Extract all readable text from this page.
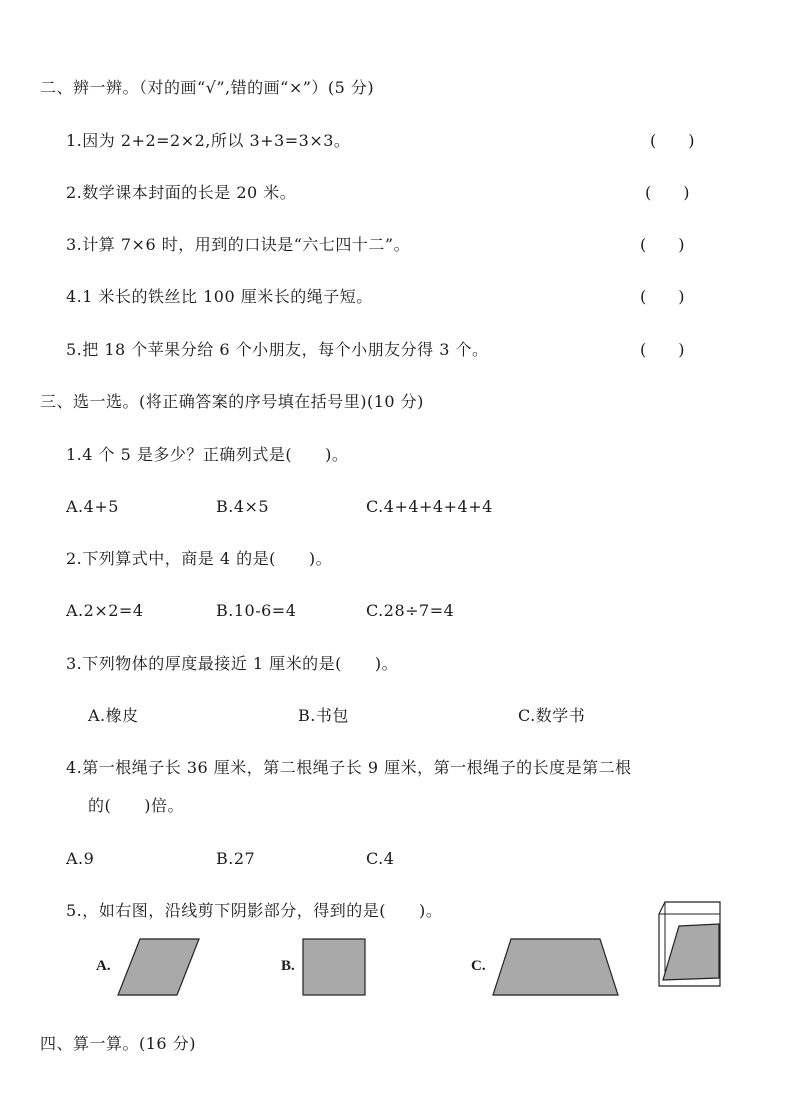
二、辨一辨。（对的画“√”,错的画“×”）(5 分)
1.因为 2+2=2×2,所以 3+3=3×3。	(　　)
2.数学课本封面的长是 20 米。	(　　)
3.计算 7×6 时，用到的口诀是“六七四十二”。	(　　)
4.1 米长的铁丝比 100 厘米长的绳子短。	(　　)
5.把 18 个苹果分给 6 个小朋友，每个小朋友分得 3 个。	(　　)
三、选一选。(将正确答案的序号填在括号里)(10 分)
1.4 个 5 是多少？正确列式是(　　)。
A.4+5	B.4×5	C.4+4+4+4+4
2.下列算式中，商是 4 的是(　　)。
A.2×2=4	B.10-6=4	C.28÷7=4
3.下列物体的厚度最接近 1 厘米的是(　　)。
A.橡皮	B.书包	C.数学书
4.第一根绳子长 36 厘米，第二根绳子长 9 厘米，第一根绳子的长度是第二根
的(　　)倍。
A.9	B.27	C.4
5.，如右图，沿线剪下阴影部分，得到的是(　　)。
A.	B.	C.
四、算一算。(16 分)
